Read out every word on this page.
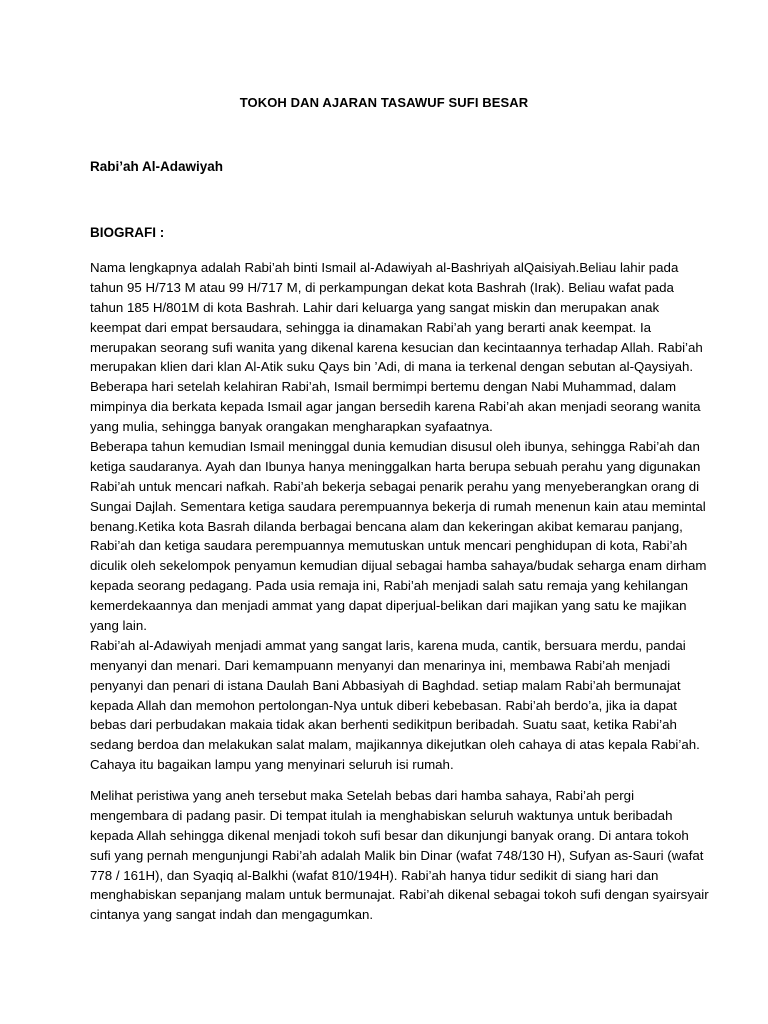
TOKOH DAN AJARAN TASAWUF SUFI BESAR
Rabi’ah Al-Adawiyah
BIOGRAFI :
Nama lengkapnya adalah Rabi’ah binti Ismail al-Adawiyah al-Bashriyah alQaisiyah.Beliau lahir pada
tahun 95 H/713 M atau 99 H/717 M, di perkampungan dekat kota Bashrah (Irak). Beliau wafat pada
tahun 185 H/801M di kota Bashrah. Lahir dari keluarga yang sangat miskin dan merupakan anak
keempat dari empat bersaudara, sehingga ia dinamakan Rabi’ah yang berarti anak keempat. Ia
merupakan seorang sufi wanita yang dikenal karena kesucian dan kecintaannya terhadap Allah. Rabi’ah
merupakan klien dari klan Al-Atik suku Qays bin ’Adi, di mana ia terkenal dengan sebutan al-Qaysiyah.
Beberapa hari setelah kelahiran Rabi’ah, Ismail bermimpi bertemu dengan Nabi Muhammad, dalam
mimpinya dia berkata kepada Ismail agar jangan bersedih karena Rabi’ah akan menjadi seorang wanita
yang mulia, sehingga banyak orangakan mengharapkan syafaatnya.
Beberapa tahun kemudian Ismail meninggal dunia kemudian disusul oleh ibunya, sehingga Rabi’ah dan
ketiga saudaranya. Ayah dan Ibunya hanya meninggalkan harta berupa sebuah perahu yang digunakan
Rabi’ah untuk mencari nafkah. Rabi’ah bekerja sebagai penarik perahu yang menyeberangkan orang di
Sungai Dajlah. Sementara ketiga saudara perempuannya bekerja di rumah menenun kain atau memintal
benang.Ketika kota Basrah dilanda berbagai bencana alam dan kekeringan akibat kemarau panjang,
Rabi’ah dan ketiga saudara perempuannya memutuskan untuk mencari penghidupan di kota, Rabi’ah
diculik oleh sekelompok penyamun kemudian dijual sebagai hamba sahaya/budak seharga enam dirham
kepada seorang pedagang. Pada usia remaja ini, Rabi’ah menjadi salah satu remaja yang kehilangan
kemerdekaannya dan menjadi ammat yang dapat diperjual-belikan dari majikan yang satu ke majikan
yang lain.
Rabi’ah al-Adawiyah menjadi ammat yang sangat laris, karena muda, cantik, bersuara merdu, pandai
menyanyi dan menari. Dari kemampuann menyanyi dan menarinya ini, membawa Rabi’ah menjadi
penyanyi dan penari di istana Daulah Bani Abbasiyah di Baghdad. setiap malam Rabi’ah bermunajat
kepada Allah dan memohon pertolongan-Nya untuk diberi kebebasan. Rabi’ah berdo’a, jika ia dapat
bebas dari perbudakan makaia tidak akan berhenti sedikitpun beribadah. Suatu saat, ketika Rabi’ah
sedang berdoa dan melakukan salat malam, majikannya dikejutkan oleh cahaya di atas kepala Rabi’ah.
Cahaya itu bagaikan lampu yang menyinari seluruh isi rumah.
Melihat peristiwa yang aneh tersebut maka Setelah bebas dari hamba sahaya, Rabi’ah pergi
mengembara di padang pasir. Di tempat itulah ia menghabiskan seluruh waktunya untuk beribadah
kepada Allah sehingga dikenal menjadi tokoh sufi besar dan dikunjungi banyak orang. Di antara tokoh
sufi yang pernah mengunjungi Rabi’ah adalah Malik bin Dinar (wafat 748/130 H), Sufyan as-Sauri (wafat
778 / 161H), dan Syaqiq al-Balkhi (wafat 810/194H). Rabi’ah hanya tidur sedikit di siang hari dan
menghabiskan sepanjang malam untuk bermunajat. Rabi’ah dikenal sebagai tokoh sufi dengan syairsyair
cintanya yang sangat indah dan mengagumkan.
